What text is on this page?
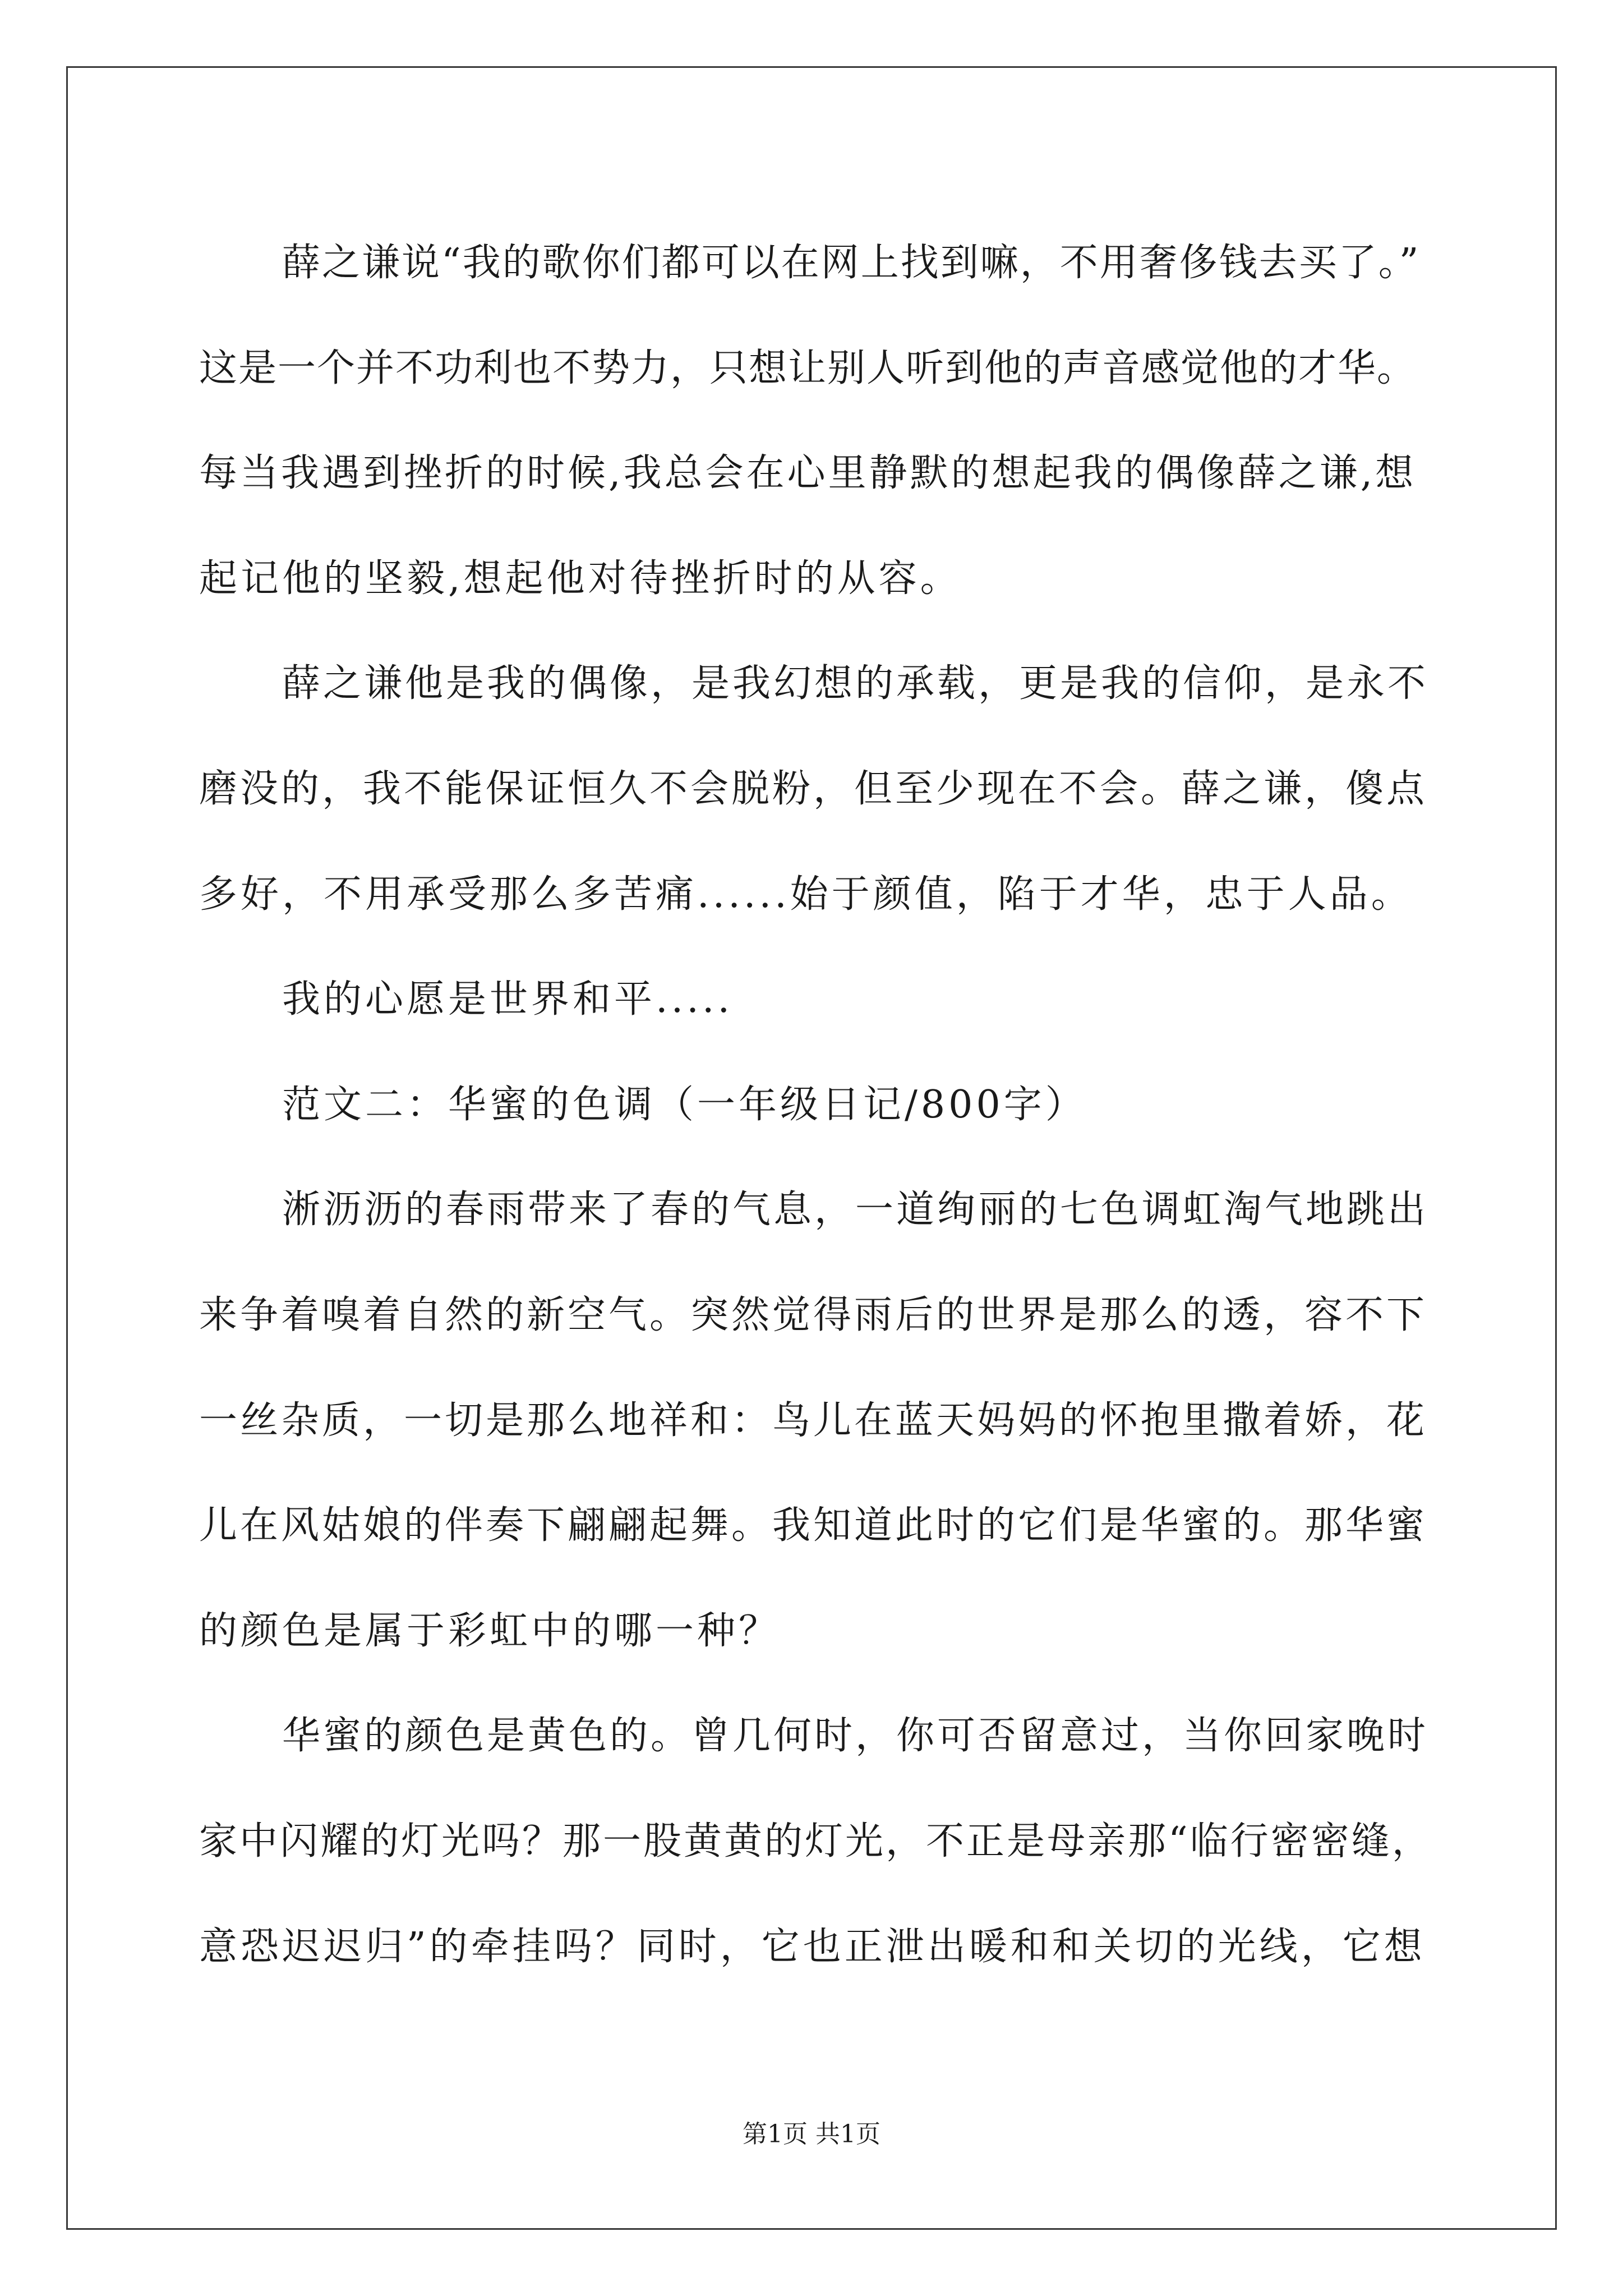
薛之谦说“我的歌你们都可以在网上找到嘛，不用奢侈钱去买了。”
这是一个并不功利也不势力，只想让别人听到他的声音感觉他的才华。
每当我遇到挫折的时候,我总会在心里静默的想起我的偶像薛之谦,想
起记他的坚毅,想起他对待挫折时的从容。
薛之谦他是我的偶像，是我幻想的承载，更是我的信仰，是永不
磨没的，我不能保证恒久不会脱粉，但至少现在不会。薛之谦，傻点
多好，不用承受那么多苦痛......始于颜值，陷于才华，忠于人品。
我的心愿是世界和平.....
范文二：华蜜的色调（一年级日记/800字）
淅沥沥的春雨带来了春的气息，一道绚丽的七色调虹淘气地跳出
来争着嗅着自然的新空气。突然觉得雨后的世界是那么的透，容不下
一丝杂质，一切是那么地祥和：鸟儿在蓝天妈妈的怀抱里撒着娇，花
儿在风姑娘的伴奏下翩翩起舞。我知道此时的它们是华蜜的。那华蜜
的颜色是属于彩虹中的哪一种？
华蜜的颜色是黄色的。曾几何时，你可否留意过，当你回家晚时
家中闪耀的灯光吗？那一股黄黄的灯光，不正是母亲那“临行密密缝，
意恐迟迟归”的牵挂吗？同时，它也正泄出暖和和关切的光线，它想
第1页 共1页
